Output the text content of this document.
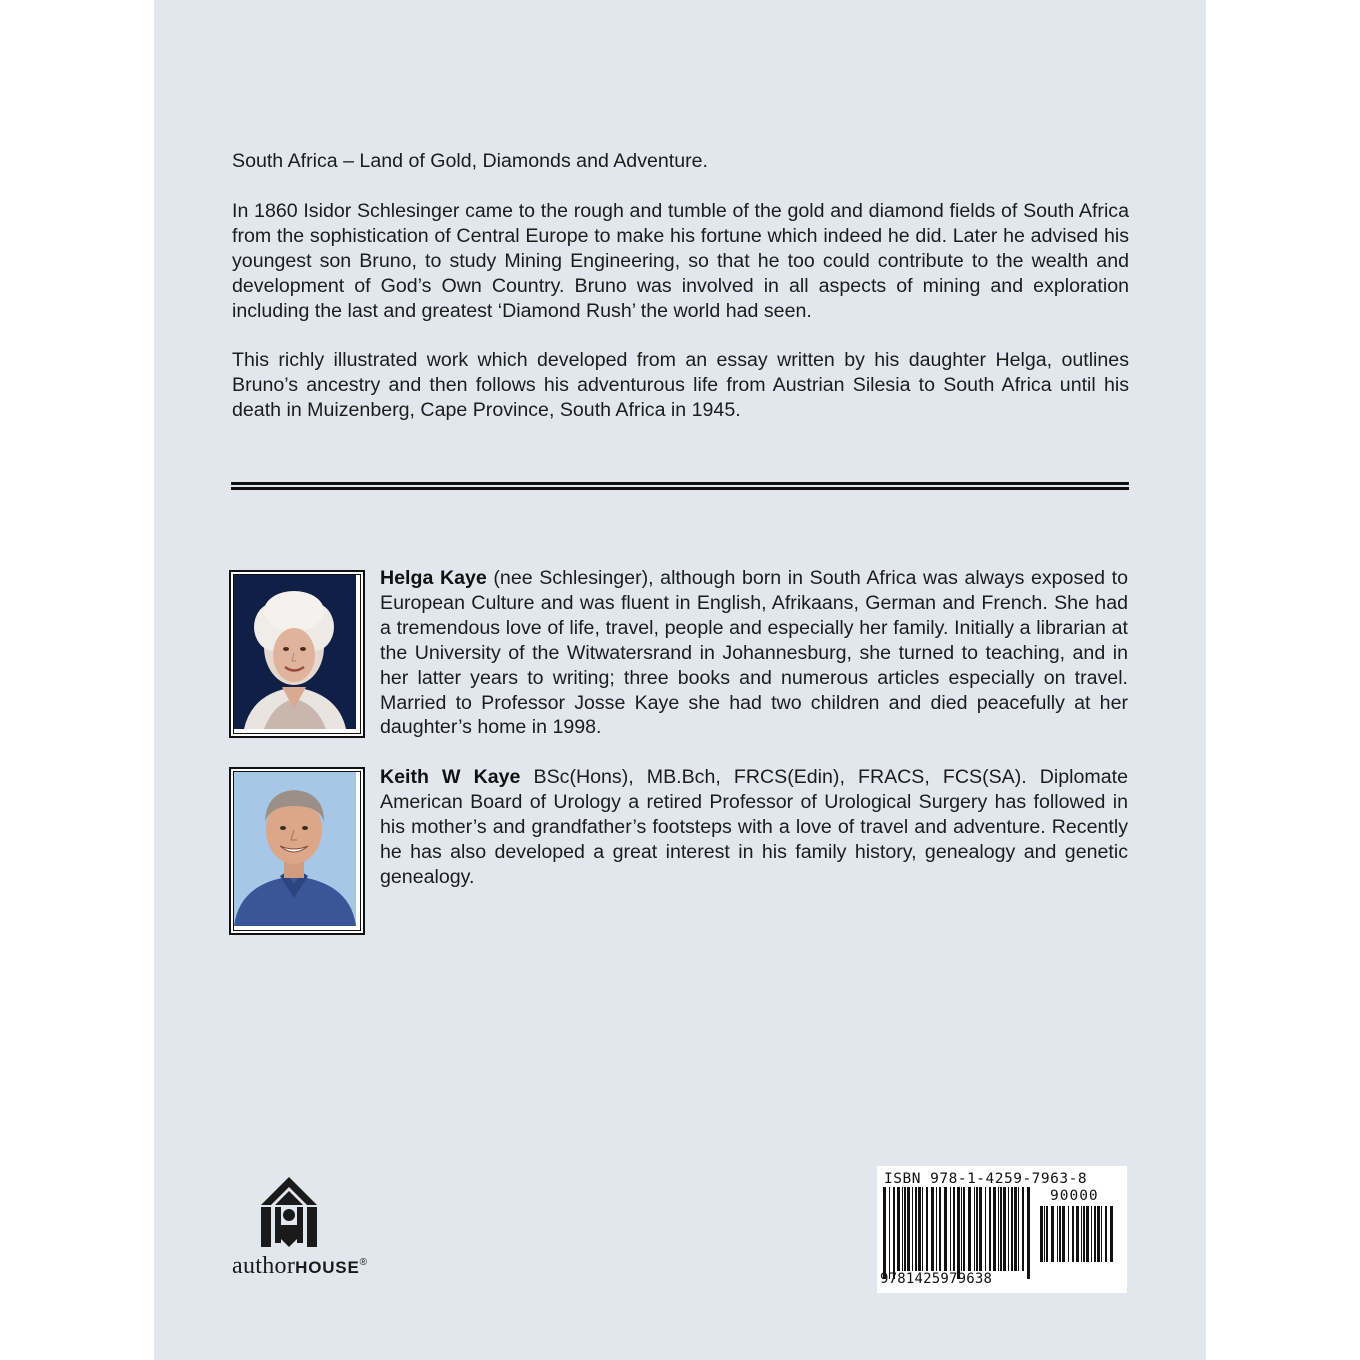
South Africa – Land of Gold, Diamonds and Adventure.
In 1860 Isidor Schlesinger came to the rough and tumble of the gold and diamond fields of South Africa from the sophistication of Central Europe to make his fortune which indeed he did. Later he advised his youngest son Bruno, to study Mining Engineering, so that he too could contribute to the wealth and development of God’s Own Country. Bruno was involved in all aspects of mining and exploration including the last and greatest ‘Diamond Rush’ the world had seen.
This richly illustrated work which developed from an essay written by his daughter Helga, outlines Bruno’s ancestry and then follows his adventurous life from Austrian Silesia to South Africa until his death in Muizenberg, Cape Province, South Africa in 1945.
Helga Kaye (nee Schlesinger), although born in South Africa was always exposed to European Culture and was fluent in English, Afrikaans, German and French. She had a tremendous love of life, travel, people and especially her family. Initially a librarian at the University of the Witwatersrand in Johannesburg, she turned to teaching, and in her latter years to writing; three books and numerous articles especially on travel. Married to Professor Josse Kaye she had two children and died peacefully at her daughter’s home in 1998.
Keith W Kaye BSc(Hons), MB.Bch, FRCS(Edin), FRACS, FCS(SA). Diplomate American Board of Urology a retired Professor of Urological Surgery has followed in his mother’s and grandfather’s footsteps with a love of travel and adventure. Recently he has also developed a great interest in his family history, genealogy and genetic genealogy.
authorHOUSE®
ISBN 978-1-4259-7963-8
90000
9781425979638
